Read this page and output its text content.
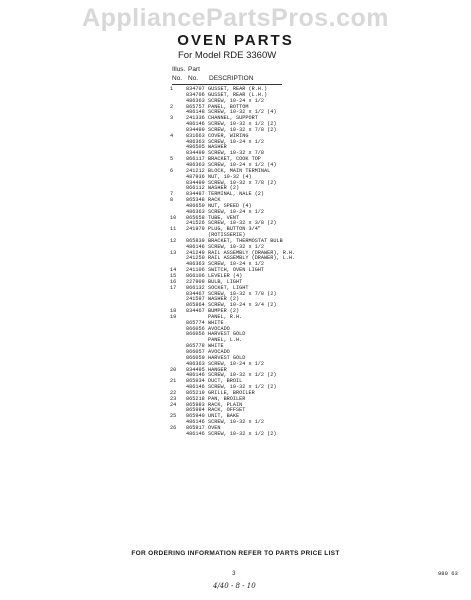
AppliancePartsPros.com
OVEN PARTS
For Model RDE 3360W
Illus. Part
No. No. DESCRIPTION
1	834707 GUSSET, REAR (R.H.)
834706 GUSSET, REAR (L.H.)
486363 SCREW, 10-24 x 1/2
2	865757 PANEL, BOTTOM
486148 SCREW, 10-32 x 1/2 (4)
3	241336 CHANNEL, SUPPORT
486146 SCREW, 10-32 x 1/2 (2)
834499 SCREW, 10-32 x 7/8 (2)
4	831663 COVER, WIRING
486363 SCREW, 10-24 x 1/2
486505 WASHER
834499 SCREW, 10-32 x 7/8
5	866117 BRACKET, COOK TOP
486363 SCREW, 10-24 x 1/2 (4)
6	241212 BLOCK, MAIN TERMINAL
487936 NUT, 10-32 (4)
834499 SCREW, 10-32 x 7/8 (2)
866112 WASHER (2)
7	834487 TERMINAL, NALE (2)
8	865348 RACK
486650 NUT, SPEED (4)
486363 SCREW, 10-24 x 1/2
10	865658 TUBE, VENT
241526 SCREW, 10-32 x 3/8 (2)
11	241979 PLUG, BUTTON 3/4"
(ROTISSERIE)
12	865839 BRACKET, THERMOSTAT BULB
486146 SCREW, 10-32 x 1/2
13	241249 RAIL ASSEMBLY (DRAWER), R.H.
241250 RAIL ASSEMBLY (DRAWER), L.H.
486363 SCREW, 10-24 x 1/2
14	241106 SWITCH, OVEN LIGHT
15	866106 LEVELER (4)
16	227909 BULB, LIGHT
17	866132 SOCKET, LIGHT
834467 SCREW, 10-32 x 7/8 (2)
241597 WASHER (2)
865864 SCREW, 10-24 x 3/4 (2)
18	834467 BUMPER (2)
19	PANEL, R.H.
865774 WHITE
866056 AVOCADO
866056 HARVEST GOLD
PANEL, L.H.
865778 WHITE
866057 AVOCADO
866059 HARVEST GOLD
486363 SCREW, 10-24 x 1/2
20	834495 HANGER
486146 SCREW, 10-32 x 1/2 (2)
21	865934 DUCT, BROIL
486146 SCREW, 10-32 x 1/2 (2)
22	865219 GRILLE, BROILER
23	865218 PAN, BROILER
24	865983 RACK, PLAIN
865984 RACK, OFFSET
25	865940 UNIT, BAKE
486146 SCREW, 10-32 x 1/2
26	865917 OVEN
486146 SCREW, 10-32 x 1/2 (2)
FOR ORDERING INFORMATION REFER TO PARTS PRICE LIST
3	980 63
4/40 - 8 - 10
